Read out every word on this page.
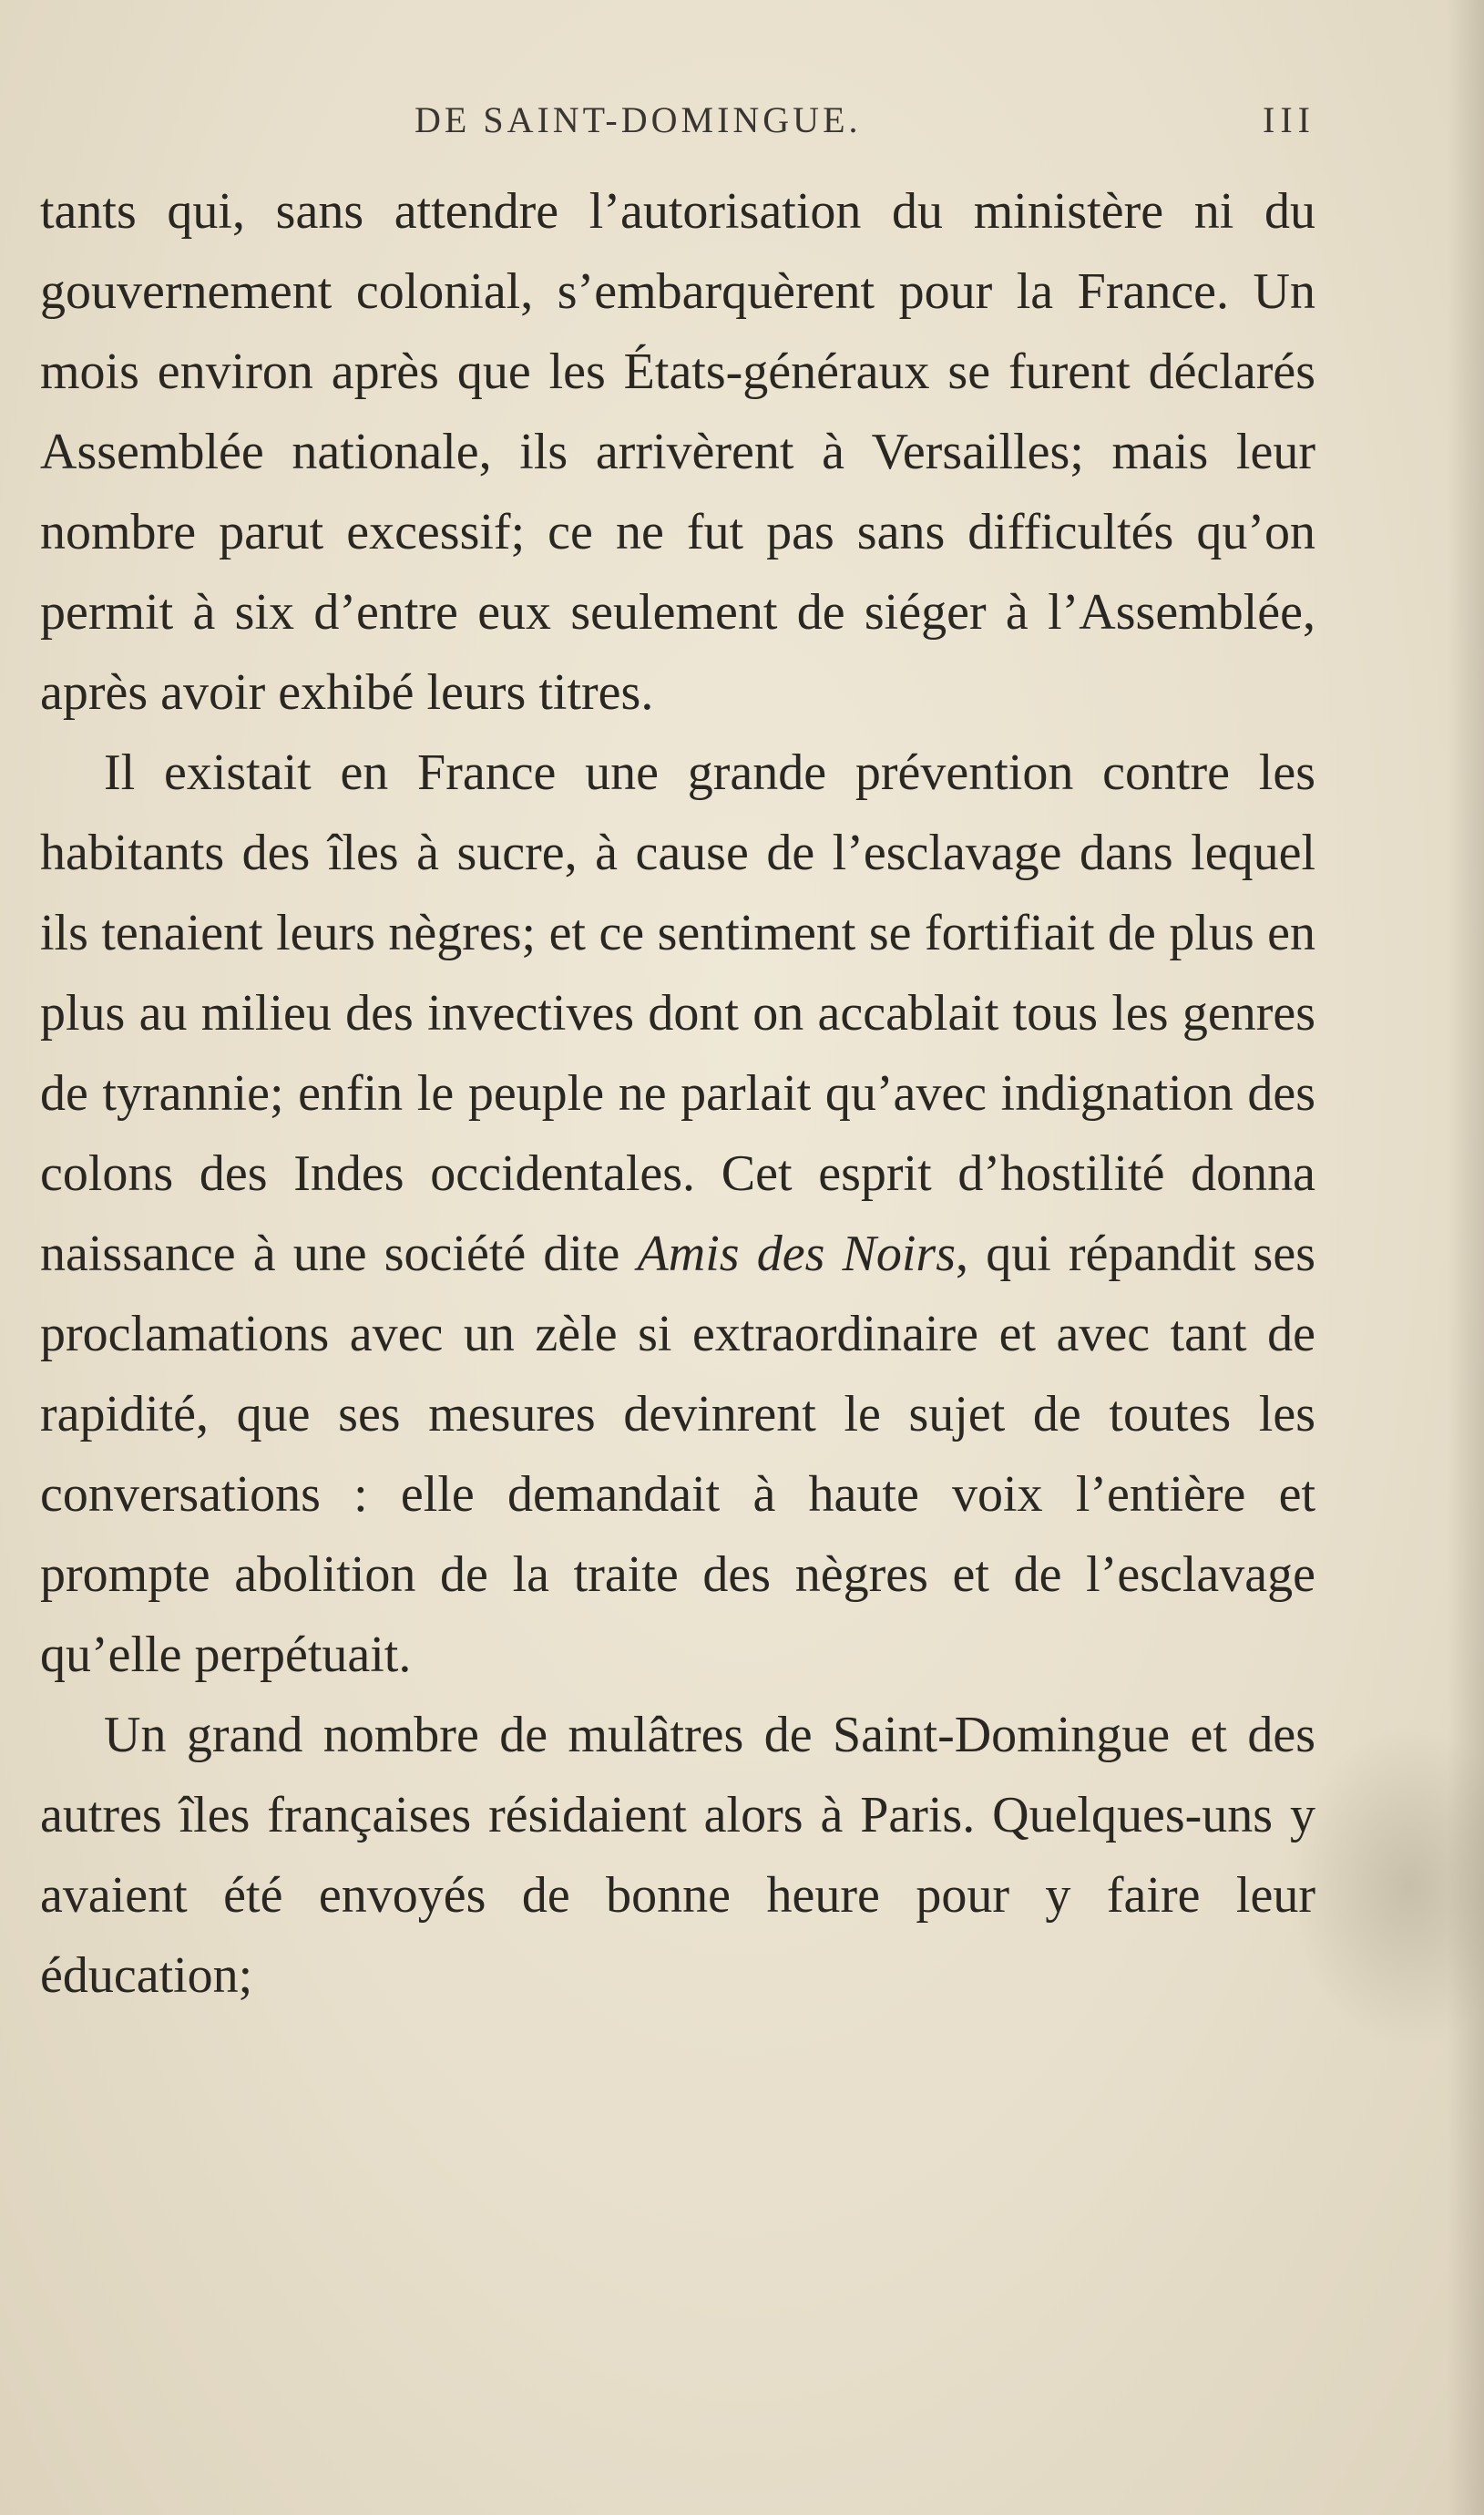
DE SAINT-DOMINGUE.	III

tants qui, sans attendre l’autorisation du ministère ni du gouvernement colonial, s’embarquèrent pour la France. Un mois environ après que les États-généraux se furent déclarés Assemblée nationale, ils arrivèrent à Versailles; mais leur nombre parut excessif; ce ne fut pas sans difficultés qu’on permit à six d’entre eux seulement de siéger à l’Assemblée, après avoir exhibé leurs titres.

Il existait en France une grande prévention contre les habitants des îles à sucre, à cause de l’esclavage dans lequel ils tenaient leurs nègres; et ce sentiment se fortifiait de plus en plus au milieu des invectives dont on accablait tous les genres de tyrannie; enfin le peuple ne parlait qu’avec indignation des colons des Indes occidentales. Cet esprit d’hostilité donna naissance à une société dite Amis des Noirs, qui répandit ses proclamations avec un zèle si extraordinaire et avec tant de rapidité, que ses mesures devinrent le sujet de toutes les conversations : elle demandait à haute voix l’entière et prompte abolition de la traite des nègres et de l’esclavage qu’elle perpétuait.

Un grand nombre de mulâtres de Saint-Domingue et des autres îles françaises résidaient alors à Paris. Quelques-uns y avaient été envoyés de bonne heure pour y faire leur éducation;
